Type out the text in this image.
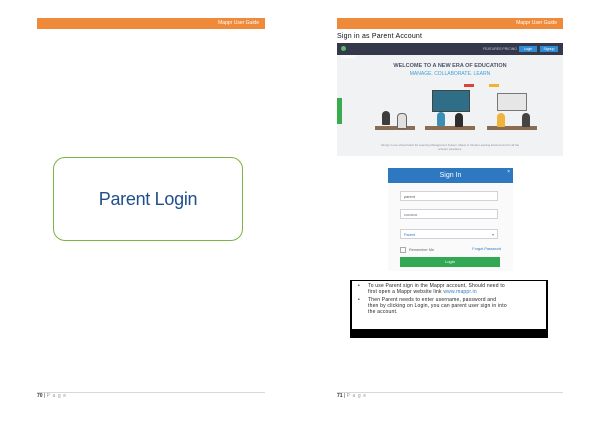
Mappr User Guide
Parent Login
70 | P a g e
Mappr User Guide
Sign in as Parent Account
mappr
FEATURES PRICING	Login	Signup
WELCOME TO A NEW ERA OF EDUCATION
MANAGE. COLLABORATE. LEARN
Simply in one school black Kit Learning Management System. Mappr is Simple Learning Environment for all the school's educators.
Sign In	×
parent
••••••••••
Parent	▾
Remember Me	Forgot Password
Login
• To use Parent sign in the Mappr account, Should need to
first open a Mappr website link www.mappr.in
• Then Parent needs to enter username, password and
then by clicking on Login, you can parent user sign in into
the account.
71 | P a g e
